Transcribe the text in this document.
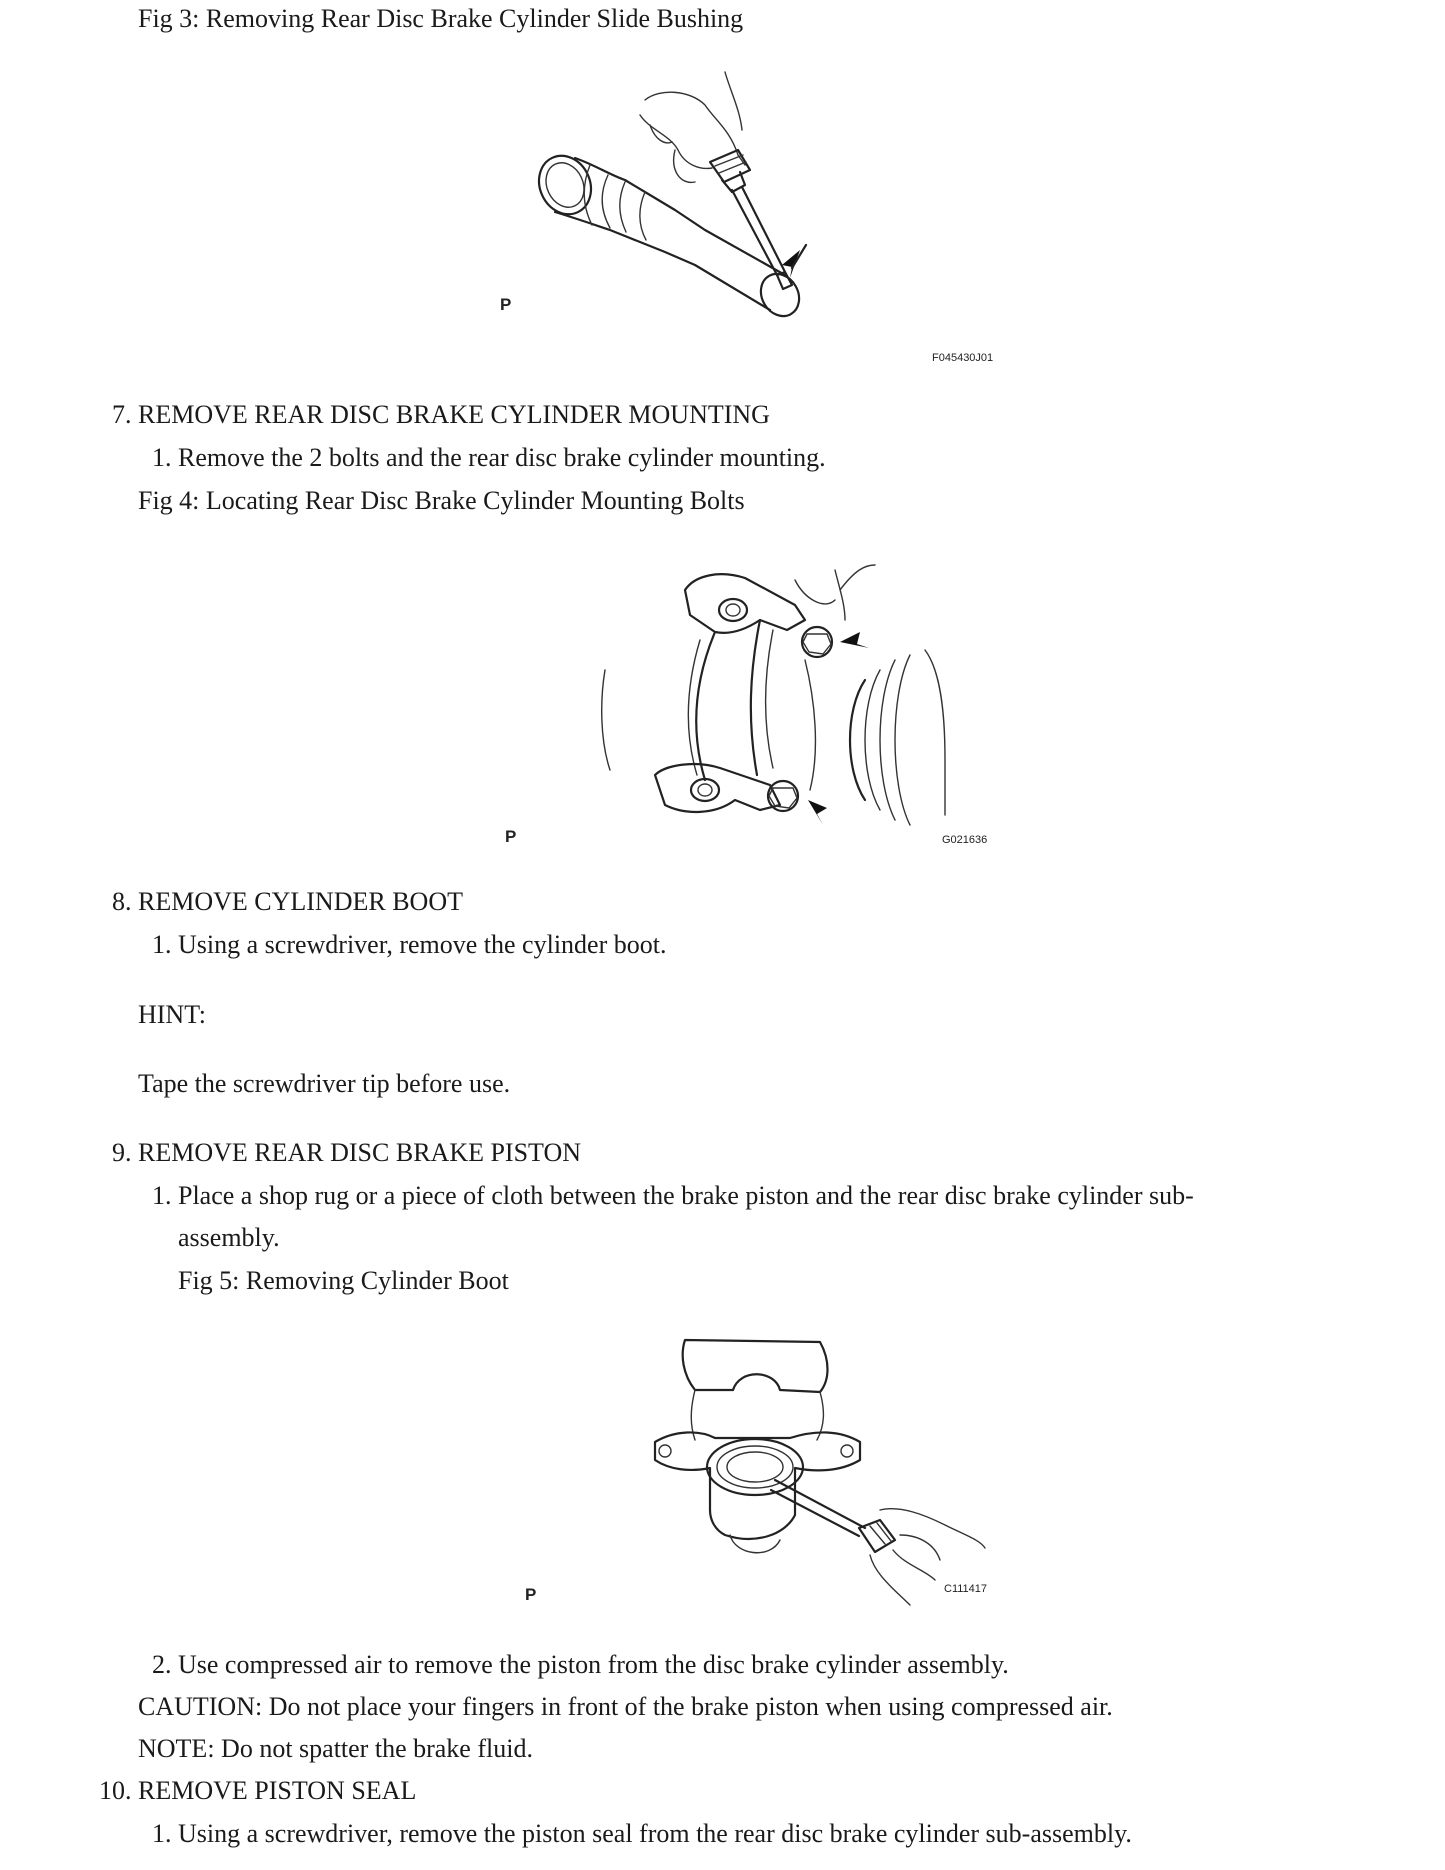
Fig 3: Removing Rear Disc Brake Cylinder Slide Bushing
P
F045430J01
7. REMOVE REAR DISC BRAKE CYLINDER MOUNTING
1. Remove the 2 bolts and the rear disc brake cylinder mounting.
Fig 4: Locating Rear Disc Brake Cylinder Mounting Bolts
P	G021636
8. REMOVE CYLINDER BOOT
1. Using a screwdriver, remove the cylinder boot.
HINT:
Tape the screwdriver tip before use.
9. REMOVE REAR DISC BRAKE PISTON
1. Place a shop rug or a piece of cloth between the brake piston and the rear disc brake cylinder sub-
assembly.
Fig 5: Removing Cylinder Boot
P	C111417
2. Use compressed air to remove the piston from the disc brake cylinder assembly.
CAUTION: Do not place your fingers in front of the brake piston when using compressed air.
NOTE: Do not spatter the brake fluid.
10. REMOVE PISTON SEAL
1. Using a screwdriver, remove the piston seal from the rear disc brake cylinder sub-assembly.
